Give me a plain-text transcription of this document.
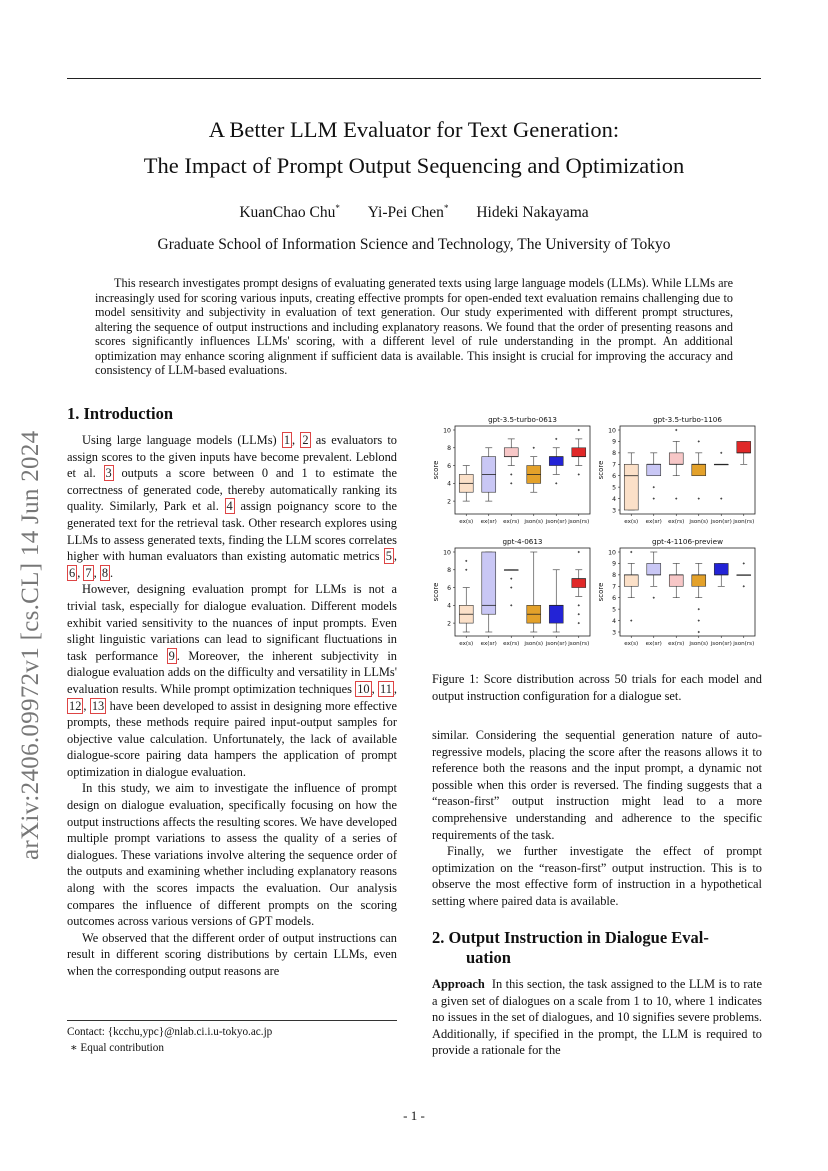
A Better LLM Evaluator for Text Generation:
The Impact of Prompt Output Sequencing and Optimization
KuanChao Chu* Yi-Pei Chen* Hideki Nakayama
Graduate School of Information Science and Technology, The University of Tokyo
This research investigates prompt designs of evaluating generated texts using large language models (LLMs). While LLMs are increasingly used for scoring various inputs, creating effective prompts for open-ended text evaluation remains challenging due to model sensitivity and subjectivity in evaluation of text generation. Our study experimented with different prompt structures, altering the sequence of output instructions and including explanatory reasons. We found that the order of presenting reasons and scores significantly influences LLMs' scoring, with a different level of rule understanding in the prompt. An additional optimization may enhance scoring alignment if sufficient data is available. This insight is crucial for improving the accuracy and consistency of LLM-based evaluations.
arXiv:2406.09972v1 [cs.CL] 14 Jun 2024
1. Introduction
Using large language models (LLMs) 1 , 2 as evaluators to assign scores to the given inputs have become prevalent. Leblond et al. 3 outputs a score between 0 and 1 to estimate the correctness of generated code, thereby automatically ranking its quality. Similarly, Park et al. 4 assign poignancy score to the generated text for the retrieval task. Other research explores using LLMs to assess generated texts, finding the LLM scores correlates higher with human evaluators than existing automatic metrics 5 , 6 , 7 , 8 .
However, designing evaluation prompt for LLMs is not a trivial task, especially for dialogue evaluation. Different models exhibit varied sensitivity to the nuances of input prompts. Even slight linguistic variations can lead to significant fluctuations in task performance 9 . Moreover, the inherent subjectivity in dialogue evaluation adds on the difficulty and versatility in LLMs' evaluation results. While prompt optimization techniques 10 , 11 , 12 , 13 have been developed to assist in designing more effective prompts, these methods require paired input-output samples for objective value calculation. Unfortunately, the lack of available dialogue-score pairing data hampers the application of prompt optimization in dialogue evaluation.
In this study, we aim to investigate the influence of prompt design on dialogue evaluation, specifically focusing on how the output instructions affects the resulting scores. We have developed multiple prompt variations to assess the quality of a series of dialogues. These variations involve altering the sequence order of the outputs and examining whether including explanatory reasons along with the scores impacts the evaluation. Our analysis compares the influence of different prompts on the scoring outcomes across various versions of GPT models.
We observed that the different order of output instructions can result in different scoring distributions by certain LLMs, even when the corresponding output reasons are
Contact: {kcchu,ypc}@nlab.ci.i.u-tokyo.ac.jp
∗ Equal contribution
gpt-3.5-turbo-0613
score
2
4
6
8
10
ex(s) ex(sr) ex(rs) json(s) json(sr) json(rs)
gpt-3.5-turbo-1106
score
3
4
5
6
7
8
9
10
ex(s) ex(sr) ex(rs) json(s) json(sr) json(rs)
gpt-4-0613
score
2
4
6
8
10
ex(s) ex(sr) ex(rs) json(s) json(sr) json(rs)
gpt-4-1106-preview
score
3
4
5
6
7
8
9
10
ex(s) ex(sr) ex(rs) json(s) json(sr) json(rs)
Figure 1: Score distribution across 50 trials for each model and output instruction configuration for a dialogue set.
similar. Considering the sequential generation nature of auto-regressive models, placing the score after the reasons allows it to reference both the reasons and the input prompt, a dynamic not possible when this order is reversed. The finding suggests that a “reason-first” output instruction might lead to a more comprehensive understanding and adherence to the specific requirements of the task.
Finally, we further investigate the effect of prompt optimization on the “reason-first” output instruction. This is to observe the most effective form of instruction in a hypothetical setting where paired data is available.
2. Output Instruction in Dialogue Eval-
uation
Approach  In this section, the task assigned to the LLM is to rate a given set of dialogues on a scale from 1 to 10, where 1 indicates no issues in the set of dialogues, and 10 signifies severe problems. Additionally, if specified in the prompt, the LLM is required to provide a rationale for the
- 1 -
